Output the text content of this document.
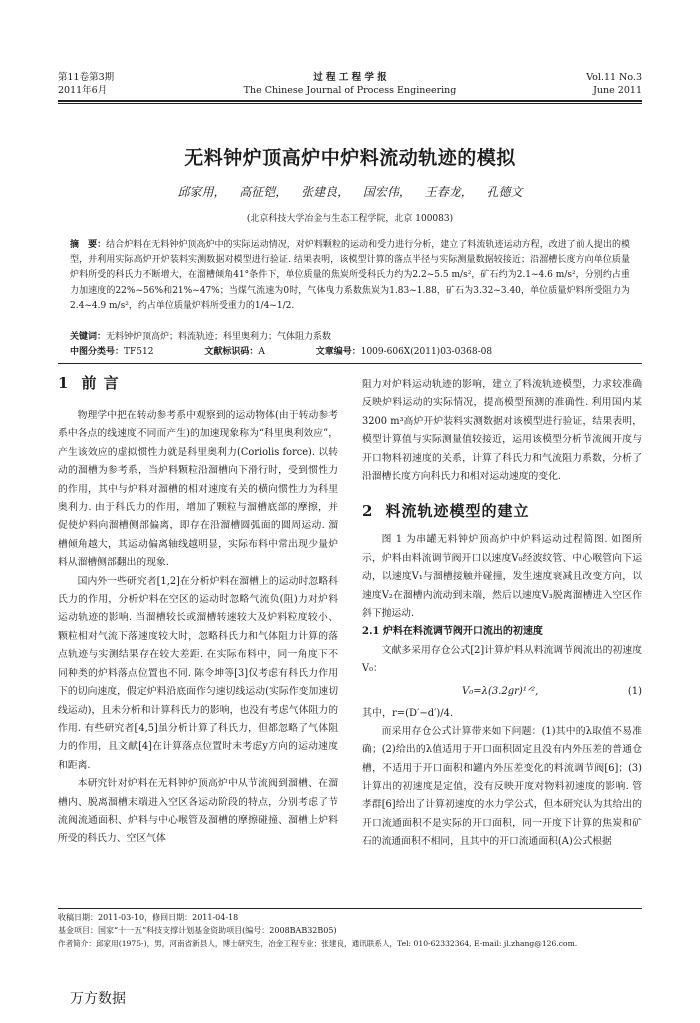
第11卷第3期
2011年6月
过 程 工 程 学 报
The Chinese Journal of Process Engineering
Vol.11 No.3
June 2011
无料钟炉顶高炉中炉料流动轨迹的模拟
邱家用， 高征铠， 张建良， 国宏伟， 王春龙， 孔德文
(北京科技大学冶金与生态工程学院，北京 100083)
摘　要：结合炉料在无料钟炉顶高炉中的实际运动情况，对炉料颗粒的运动和受力进行分析，建立了料流轨迹运动方程，改进了前人提出的模型，并利用实际高炉开炉装料实测数据对模型进行验证. 结果表明，该模型计算的落点半径与实际测量数据较接近；沿溜槽长度方向单位质量炉料所受的科氏力不断增大，在溜槽倾角41°条件下，单位质量的焦炭所受科氏力约为2.2~5.5 m/s²，矿石约为2.1~4.6 m/s²，分别约占重力加速度的22%~56%和21%~47%；当煤气流速为0时，气体曳力系数焦炭为1.83~1.88，矿石为3.32~3.40，单位质量炉料所受阻力为2.4~4.9 m/s²，约占单位质量炉料所受重力的1/4~1/2.
关键词：无料钟炉顶高炉；料流轨迹；科里奥利力；气体阻力系数
中图分类号：TF512	文献标识码：A	文章编号：1009-606X(2011)03-0368-08
1 前 言

物理学中把在转动参考系中观察到的运动物体(由于转动参考系中各点的线速度不同而产生)的加速现象称为“科里奥利效应”，产生该效应的虚拟惯性力就是科里奥利力(Coriolis force). 以转动的溜槽为参考系，当炉料颗粒沿溜槽向下滑行时，受到惯性力的作用，其中与炉料对溜槽的相对速度有关的横向惯性力为科里奥利力. 由于科氏力的作用，增加了颗粒与溜槽底部的摩擦，并促使炉料向溜槽侧部偏离，即存在沿溜槽圆弧面的圆周运动. 溜槽倾角越大，其运动偏离轴线越明显，实际布料中常出现少量炉料从溜槽侧部翻出的现象.

国内外一些研究者[1,2]在分析炉料在溜槽上的运动时忽略科氏力的作用，分析炉料在空区的运动时忽略气流负(阻)力对炉料运动轨迹的影响. 当溜槽较长或溜槽转速较大及炉料粒度较小、颗粒相对气流下落速度较大时，忽略科氏力和气体阻力计算的落点轨迹与实测结果存在较大差距. 在实际布料中，同一角度下不同种类的炉料落点位置也不同. 陈令坤等[3]仅考虑有科氏力作用下的切向速度，假定炉料沿底面作匀速切线运动(实际作变加速切线运动)，且未分析和计算科氏力的影响，也没有考虑气体阻力的作用. 有些研究者[4,5]虽分析计算了科氏力，但都忽略了气体阻力的作用，且文献[4]在计算落点位置时未考虑y方向的运动速度和距离.

本研究针对炉料在无料钟炉顶高炉中从节流阀到溜槽、在溜槽内、脱离溜槽末端进入空区各运动阶段的特点，分别考虑了节流阀流通面积、炉料与中心喉管及溜槽的摩擦碰撞、溜槽上炉料所受的科氏力、空区气体

阻力对炉料运动轨迹的影响，建立了料流轨迹模型，力求较准确反映炉料运动的实际情况，提高模型预测的准确性. 利用国内某3200 m³高炉开炉装料实测数据对该模型进行验证，结果表明，模型计算值与实际测量值较接近，运用该模型分析节流阀开度与开口物料初速度的关系，计算了科氏力和气流阻力系数，分析了沿溜槽长度方向科氏力和相对运动速度的变化.

2 料流轨迹模型的建立

图 1 为串罐无料钟炉顶高炉中炉料运动过程简图. 如图所示，炉料由料流调节阀开口以速度V₀经波纹管、中心喉管向下运动，以速度V₁与溜槽接触并碰撞，发生速度衰减且改变方向，以速度V₂在溜槽内流动到末端，然后以速度V₃脱离溜槽进入空区作斜下抛运动.

2.1 炉料在料流调节阀开口流出的初速度

文献多采用存仓公式[2]计算炉料从料流调节阀流出的初速度V₀：

V₀=λ(3.2gr)¹ᐟ²,	(1)
其中，r=(D′−d′)/4.

而采用存仓公式计算带来如下问题：(1)其中的λ取值不易准确；(2)给出的λ值适用于开口面积固定且没有内外压差的普通仓槽，不适用于开口面积和罐内外压差变化的料流调节阀[6]；(3)计算出的初速度是定值，没有反映开度对物料初速度的影响. 管孝群[6]给出了计算初速度的水力学公式，但本研究认为其给出的开口流通面积不是实际的开口面积，同一开度下计算的焦炭和矿石的流通面积不相同，且其中的开口流通面积(A)公式根据

收稿日期：2011-03-10，修回日期：2011-04-18
基金项目：国家“十一五”科技支撑计划基金资助项目(编号：2008BAB32B05)
作者简介：邱家用(1975-)，男，河南省新县人，博士研究生，冶金工程专业；张建良，通讯联系人，Tel: 010-62332364, E-mail: jl.zhang@126.com.
万方数据
